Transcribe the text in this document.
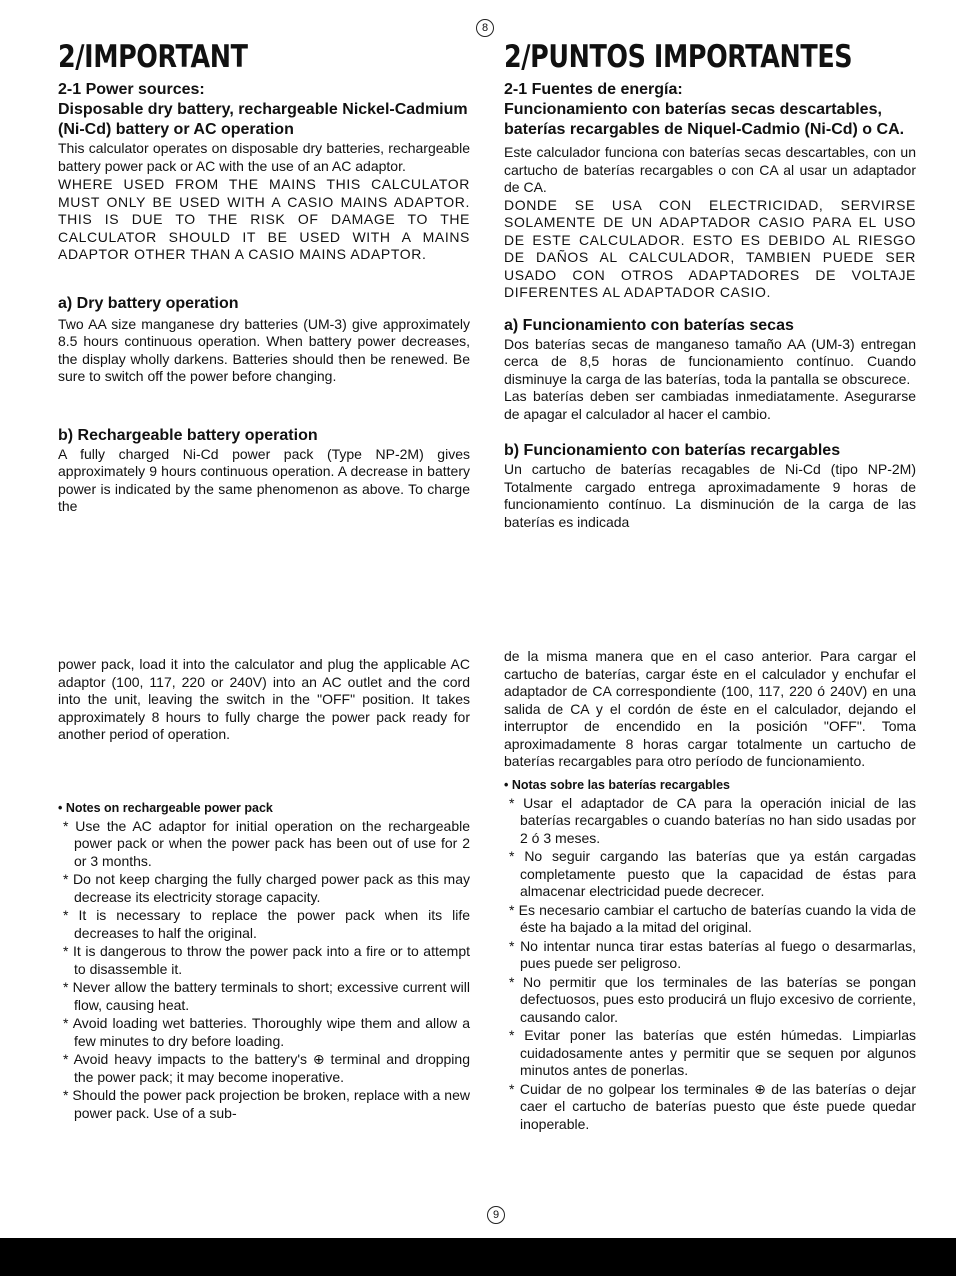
8
2/IMPORTANT
2-1 Power sources:
Disposable dry battery, rechargeable Nickel-Cadmium (Ni-Cd) battery or AC operation
This calculator operates on disposable dry batteries, rechargeable battery power pack or AC with the use of an AC adaptor.
WHERE USED FROM THE MAINS THIS CALCULATOR MUST ONLY BE USED WITH A CASIO MAINS ADAPTOR. THIS IS DUE TO THE RISK OF DAMAGE TO THE CALCULATOR SHOULD IT BE USED WITH A MAINS ADAPTOR OTHER THAN A CASIO MAINS ADAPTOR.
a) Dry battery operation
Two AA size manganese dry batteries (UM-3) give approximately 8.5 hours continuous operation. When battery power decreases, the display wholly darkens. Batteries should then be renewed. Be sure to switch off the power before changing.
b) Rechargeable battery operation
A fully charged Ni-Cd power pack (Type NP-2M) gives approximately 9 hours continuous operation. A decrease in battery power is indicated by the same phenomenon as above. To charge the
power pack, load it into the calculator and plug the applicable AC adaptor (100, 117, 220 or 240V) into an AC outlet and the cord into the unit, leaving the switch in the "OFF" position. It takes approximately 8 hours to fully charge the power pack ready for another period of operation.
• Notes on rechargeable power pack
* Use the AC adaptor for initial operation on the rechargeable power pack or when the power pack has been out of use for 2 or 3 months.
* Do not keep charging the fully charged power pack as this may decrease its electricity storage capacity.
* It is necessary to replace the power pack when its life decreases to half the original.
* It is dangerous to throw the power pack into a fire or to attempt to disassemble it.
* Never allow the battery terminals to short; excessive current will flow, causing heat.
* Avoid loading wet batteries. Thoroughly wipe them and allow a few minutes to dry before loading.
* Avoid heavy impacts to the battery's ⊕ terminal and dropping the power pack; it may become inoperative.
* Should the power pack projection be broken, replace with a new power pack. Use of a sub-
2/PUNTOS IMPORTANTES
2-1 Fuentes de energía:
Funcionamiento con baterías secas descartables, baterías recargables de Niquel-Cadmio (Ni-Cd) o CA.
Este calculador funciona con baterías secas descartables, con un cartucho de baterías recargables o con CA al usar un adaptador de CA.
DONDE SE USA CON ELECTRICIDAD, SERVIRSE SOLAMENTE DE UN ADAPTADOR CASIO PARA EL USO DE ESTE CALCULADOR. ESTO ES DEBIDO AL RIESGO DE DAÑOS AL CALCULADOR, TAMBIEN PUEDE SER USADO CON OTROS ADAPTADORES DE VOLTAJE DIFERENTES AL ADAPTADOR CASIO.
a) Funcionamiento con baterías secas
Dos baterías secas de manganeso tamaño AA (UM-3) entregan cerca de 8,5 horas de funcionamiento contínuo. Cuando disminuye la carga de las baterías, toda la pantalla se obscurece.
Las baterías deben ser cambiadas inmediatamente. Asegurarse de apagar el calculador al hacer el cambio.
b) Funcionamiento con baterías recargables
Un cartucho de baterías recagables de Ni-Cd (tipo NP-2M) Totalmente cargado entrega aproximadamente 9 horas de funcionamiento contínuo. La disminución de la carga de las baterías es indicada
de la misma manera que en el caso anterior. Para cargar el cartucho de baterías, cargar éste en el calculador y enchufar el adaptador de CA correspondiente (100, 117, 220 ó 240V) en una salida de CA y el cordón de éste en el calculador, dejando el interruptor de encendido en la posición "OFF". Toma aproximadamente 8 horas cargar totalmente un cartucho de baterías recargables para otro período de funcionamiento.
• Notas sobre las baterías recargables
* Usar el adaptador de CA para la operación inicial de las baterías recargables o cuando baterías no han sido usadas por 2 ó 3 meses.
* No seguir cargando las baterías que ya están cargadas completamente puesto que la capacidad de éstas para almacenar electricidad puede decrecer.
* Es necesario cambiar el cartucho de baterías cuando la vida de éste ha bajado a la mitad del original.
* No intentar nunca tirar estas baterías al fuego o desarmarlas, pues puede ser peligroso.
* No permitir que los terminales de las baterías se pongan defectuosos, pues esto producirá un flujo excesivo de corriente, causando calor.
* Evitar poner las baterías que estén húmedas. Limpiarlas cuidadosamente antes y permitir que se sequen por algunos minutos antes de ponerlas.
* Cuidar de no golpear los terminales ⊕ de las baterías o dejar caer el cartucho de baterías puesto que éste puede quedar inoperable.
9
